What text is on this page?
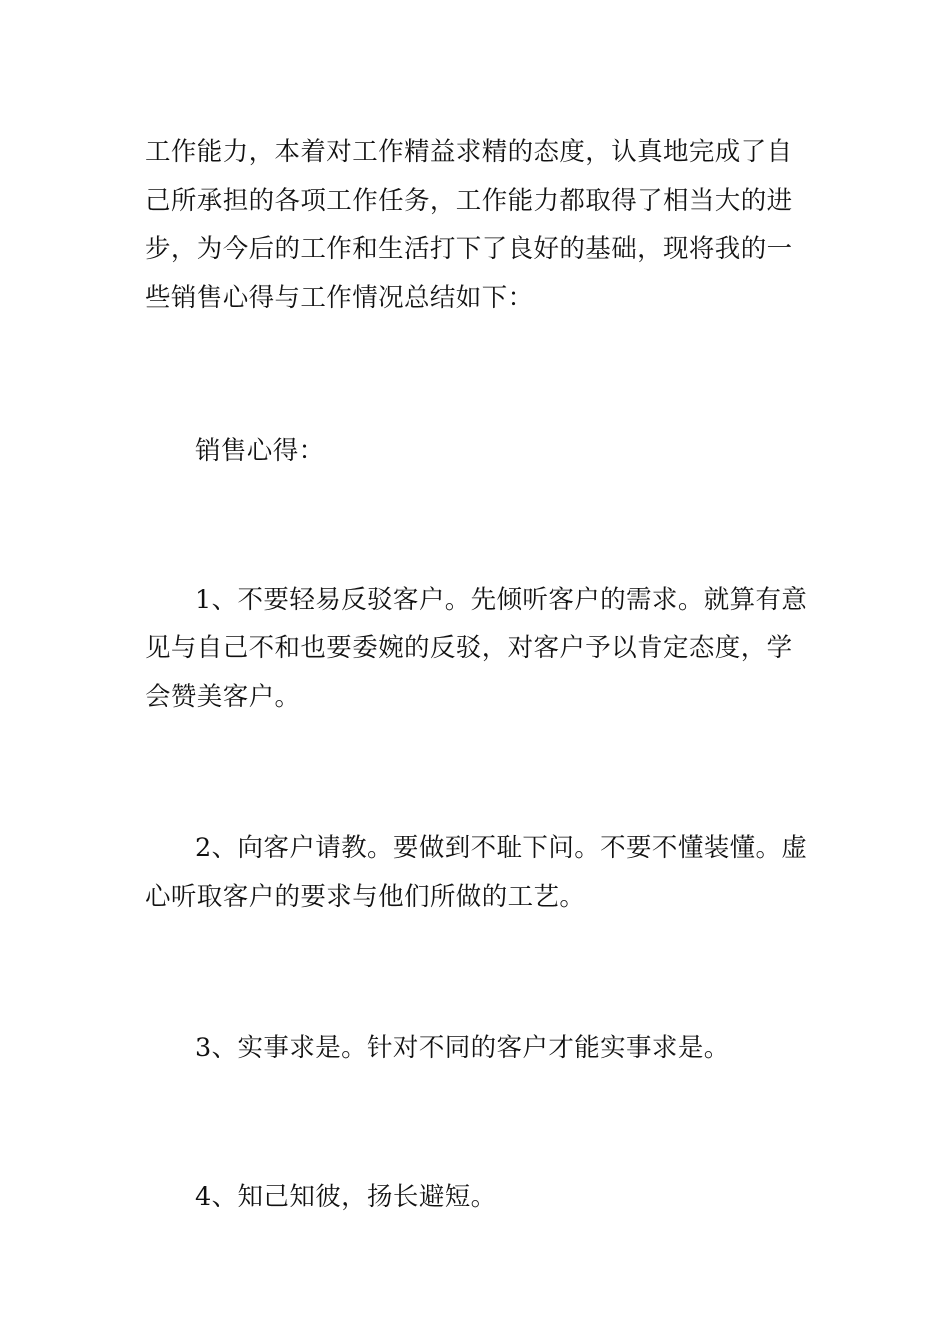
工作能力，本着对工作精益求精的态度，认真地完成了自
己所承担的各项工作任务，工作能力都取得了相当大的进
步，为今后的工作和生活打下了良好的基础，现将我的一
些销售心得与工作情况总结如下：
销售心得：
1、不要轻易反驳客户。先倾听客户的需求。就算有意
见与自己不和也要委婉的反驳，对客户予以肯定态度，学
会赞美客户。
2、向客户请教。要做到不耻下问。不要不懂装懂。虚
心听取客户的要求与他们所做的工艺。
3、实事求是。针对不同的客户才能实事求是。
4、知己知彼，扬长避短。
